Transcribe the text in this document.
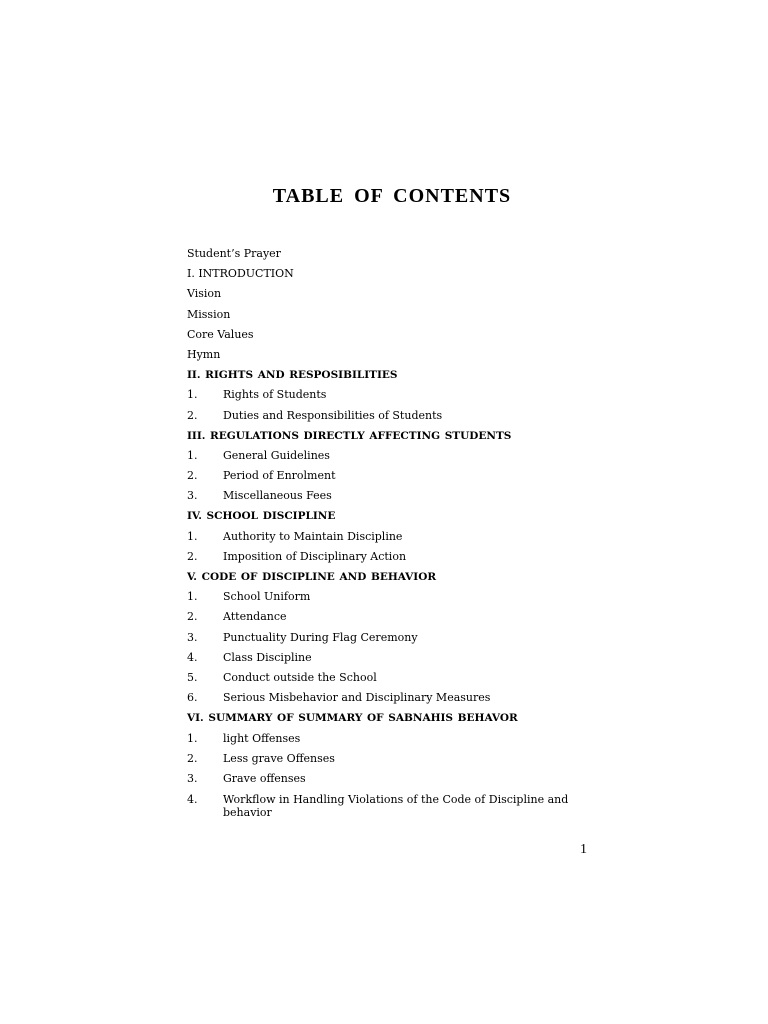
TABLE OF CONTENTS
Student’s Prayer
I. INTRODUCTION
Vision
Mission
Core Values
Hymn
II. RIGHTS AND RESPOSIBILITIES
1. Rights of Students
2. Duties and Responsibilities of Students
III. REGULATIONS DIRECTLY AFFECTING STUDENTS
1. General Guidelines
2. Period of Enrolment
3. Miscellaneous Fees
IV. SCHOOL DISCIPLINE
1. Authority to Maintain Discipline
2. Imposition of Disciplinary Action
V. CODE OF DISCIPLINE AND BEHAVIOR
1. School Uniform
2. Attendance
3. Punctuality During Flag Ceremony
4. Class Discipline
5. Conduct outside the School
6. Serious Misbehavior and Disciplinary Measures
VI. SUMMARY OF SUMMARY OF SABNAHIS BEHAVOR
1. light Offenses
2. Less grave Offenses
3. Grave offenses
4. Workflow in Handling Violations of the Code of Discipline and behavior
1
